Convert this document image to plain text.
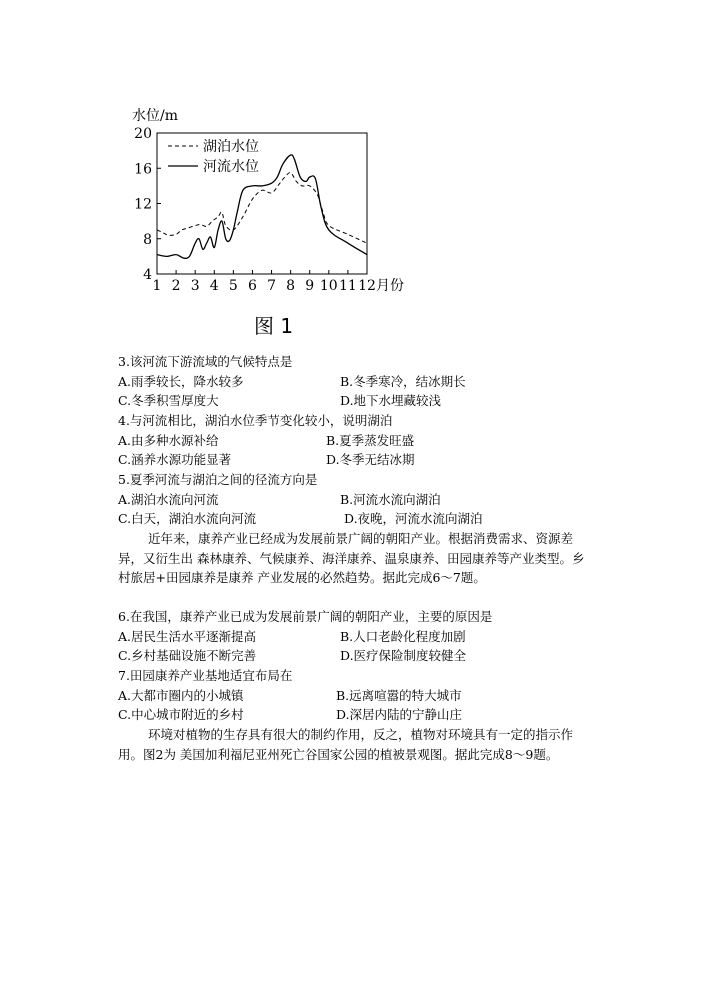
水位/m
4
8
12
16
20
1 2 3 4 5 6 7 8 9 10 11 12 月份
湖泊水位
河流水位
图 1
3.该河流下游流域的气候特点是
A.雨季较长，降水较多	B.冬季寒冷，结冰期长
C.冬季积雪厚度大	D.地下水埋藏较浅
4.与河流相比，湖泊水位季节变化较小，说明湖泊
A.由多种水源补给	B.夏季蒸发旺盛
C.涵养水源功能显著	D.冬季无结冰期
5.夏季河流与湖泊之间的径流方向是
A.湖泊水流向河流	B.河流水流向湖泊
C.白天，湖泊水流向河流	D.夜晚，河流水流向湖泊
近年来，康养产业已经成为发展前景广阔的朝阳产业。根据消费需求、资源差异，又衍生出 森林康养、气候康养、海洋康养、温泉康养、田园康养等产业类型。乡村旅居+田园康养是康养 产业发展的必然趋势。据此完成6～7题。
6.在我国，康养产业已成为发展前景广阔的朝阳产业，主要的原因是
A.居民生活水平逐渐提高	B.人口老龄化程度加剧
C.乡村基础设施不断完善	D.医疗保险制度较健全
7.田园康养产业基地适宜布局在
A.大都市圈内的小城镇	B.远离喧嚣的特大城市
C.中心城市附近的乡村	D.深居内陆的宁静山庄
环境对植物的生存具有很大的制约作用，反之，植物对环境具有一定的指示作用。图2为 美国加利福尼亚州死亡谷国家公园的植被景观图。据此完成8～9题。
